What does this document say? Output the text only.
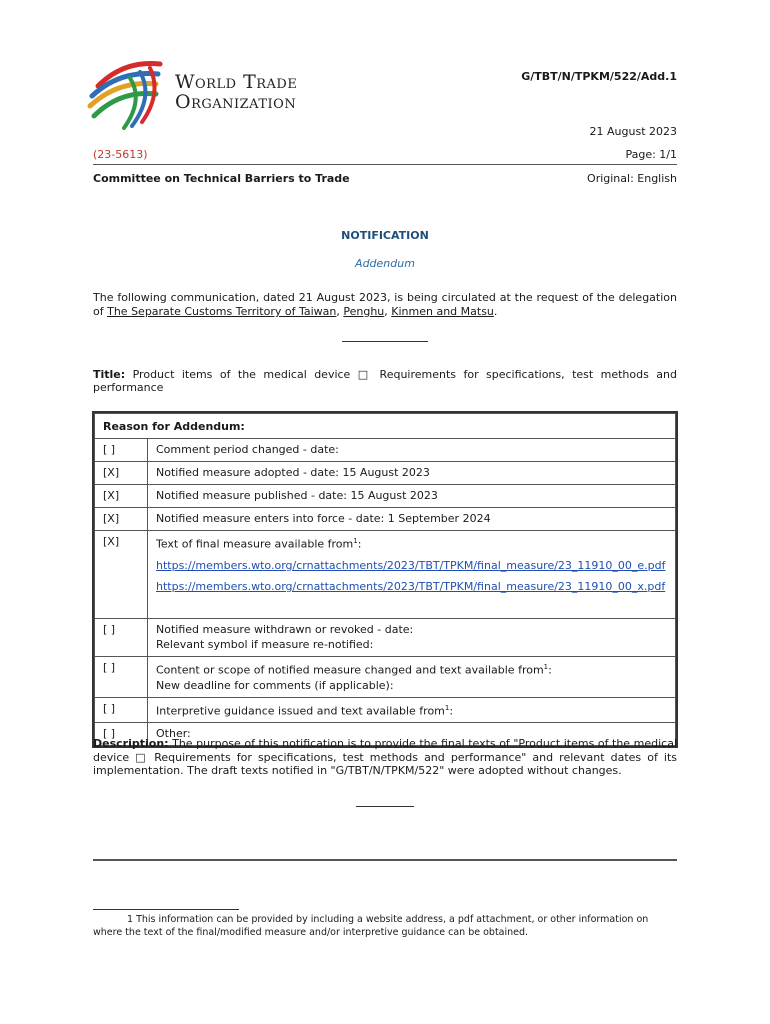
World Trade
Organization
G/TBT/N/TPKM/522/Add.1
21 August 2023
(23-5613)	Page: 1/1
Committee on Technical Barriers to Trade	Original: English
NOTIFICATION
Addendum
The following communication, dated 21 August 2023, is being circulated at the request of the delegation of The Separate Customs Territory of Taiwan, Penghu, Kinmen and Matsu.
Title: Product items of the medical device □ Requirements for specifications, test methods and performance
Reason for Addendum:	
[ ]	Comment period changed - date:
[X]	Notified measure adopted - date: 15 August 2023
[X]	Notified measure published - date: 15 August 2023
[X]	Notified measure enters into force - date: 1 September 2024
[X]	Text of final measure available from$^1$:
https://members.wto.org/crnattachments/2023/TBT/TPKM/final_measure/23_11910_00_e.pdf
https://members.wto.org/crnattachments/2023/TBT/TPKM/final_measure/23_11910_00_x.pdf

[ ]	Notified measure withdrawn or revoked - date:
Relevant symbol if measure re-notified:

[ ]	Content or scope of notified measure changed and text available from$^1$:
New deadline for comments (if applicable):

[ ]	Interpretive guidance issued and text available from$^1$:
[ ]	Other:
Description: The purpose of this notification is to provide the final texts of "Product items of the medical device □ Requirements for specifications, test methods and performance" and relevant dates of its implementation. The draft texts notified in "G/TBT/N/TPKM/522" were adopted without changes.
1 This information can be provided by including a website address, a pdf attachment, or other information on where the text of the final/modified measure and/or interpretive guidance can be obtained.
